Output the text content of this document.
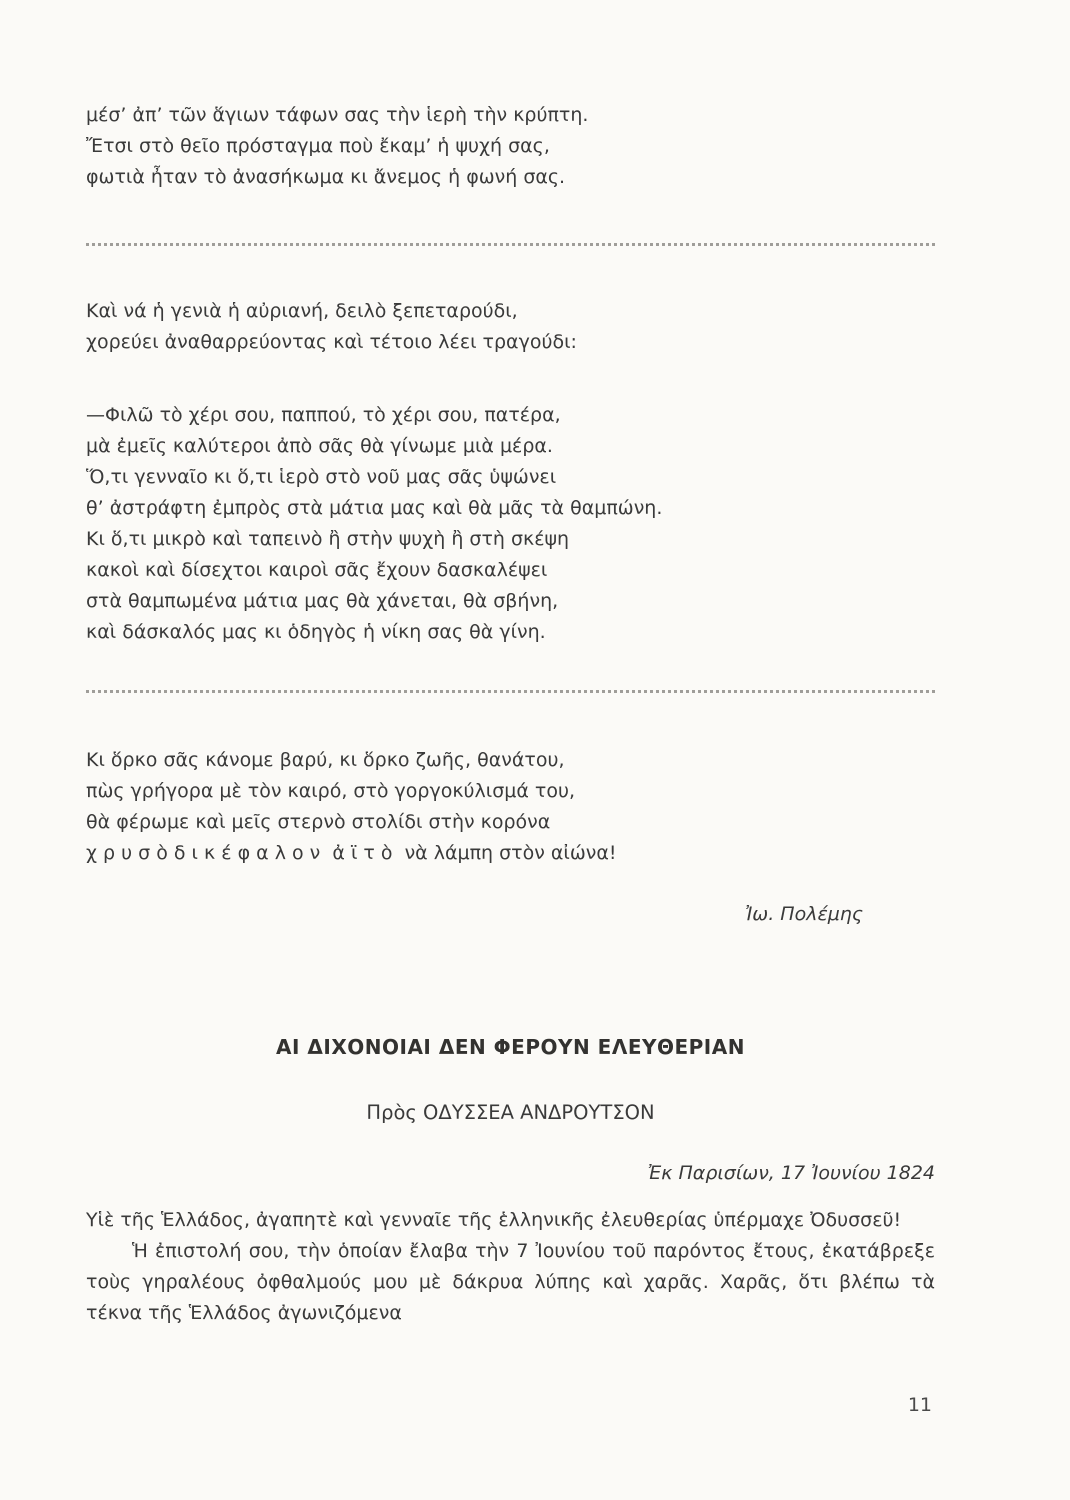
μέσ’ ἀπ’ τῶν ἅγιων τάφων σας τὴν ἱερὴ τὴν κρύπτη.
Ἔτσι στὸ θεῖο πρόσταγμα ποὺ ἔκαμ’ ἡ ψυχή σας,
φωτιὰ ἦταν τὸ ἀνασήκωμα κι ἄνεμος ἡ φωνή σας.
Καὶ νά ἡ γενιὰ ἡ αὐριανή, δειλὸ ξεπεταρούδι,
χορεύει ἀναθαρρεύοντας καὶ τέτοιο λέει τραγούδι:
—Φιλῶ τὸ χέρι σου, παππού, τὸ χέρι σου, πατέρα,
μὰ ἐμεῖς καλύτεροι ἀπὸ σᾶς θὰ γίνωμε μιὰ μέρα.
Ὅ,τι γενναῖο κι ὅ,τι ἱερὸ στὸ νοῦ μας σᾶς ὑψώνει
θ’ ἀστράφτη ἐμπρὸς στὰ μάτια μας καὶ θὰ μᾶς τὰ θαμπώνη.
Κι ὅ,τι μικρὸ καὶ ταπεινὸ ἢ στὴν ψυχὴ ἢ στὴ σκέψη
κακοὶ καὶ δίσεχτοι καιροὶ σᾶς ἔχουν δασκαλέψει
στὰ θαμπωμένα μάτια μας θὰ χάνεται, θὰ σβήνη,
καὶ δάσκαλός μας κι ὁδηγὸς ἡ νίκη σας θὰ γίνη.
Κι ὅρκο σᾶς κάνομε βαρύ, κι ὅρκο ζωῆς, θανάτου,
πὼς γρήγορα μὲ τὸν καιρό, στὸ γοργοκύλισμά του,
θὰ φέρωμε καὶ μεῖς στερνὸ στολίδι στὴν κορόνα
χ ρ υ σ ὸ δ ι κ έ φ α λ ο ν  ἀ ϊ τ ὸ  νὰ λάμπη στὸν αἰώνα!
Ἰω. Πολέμης
ΑΙ ΔΙΧΟΝΟΙΑΙ ΔΕΝ ΦΕΡΟΥΝ ΕΛΕΥΘΕΡΙΑΝ
Πρὸς ΟΔΥΣΣΕΑ ΑΝΔΡΟΥΤΣΟΝ
Ἐκ Παρισίων, 17 Ἰουνίου 1824

Υἱὲ τῆς Ἑλλάδος, ἀγαπητὲ καὶ γενναῖε τῆς ἑλληνικῆς ἐλευθερίας ὑπέρμαχε Ὀδυσσεῦ!

Ἡ ἐπιστολή σου, τὴν ὁποίαν ἔλαβα τὴν 7 Ἰουνίου τοῦ παρόντος ἔτους, ἐκατάβρεξε τοὺς γηραλέους ὀφθαλμούς μου μὲ δάκρυα λύπης καὶ χαρᾶς. Χαρᾶς, ὅτι βλέπω τὰ τέκνα τῆς Ἑλλάδος ἀγωνιζόμενα

11
